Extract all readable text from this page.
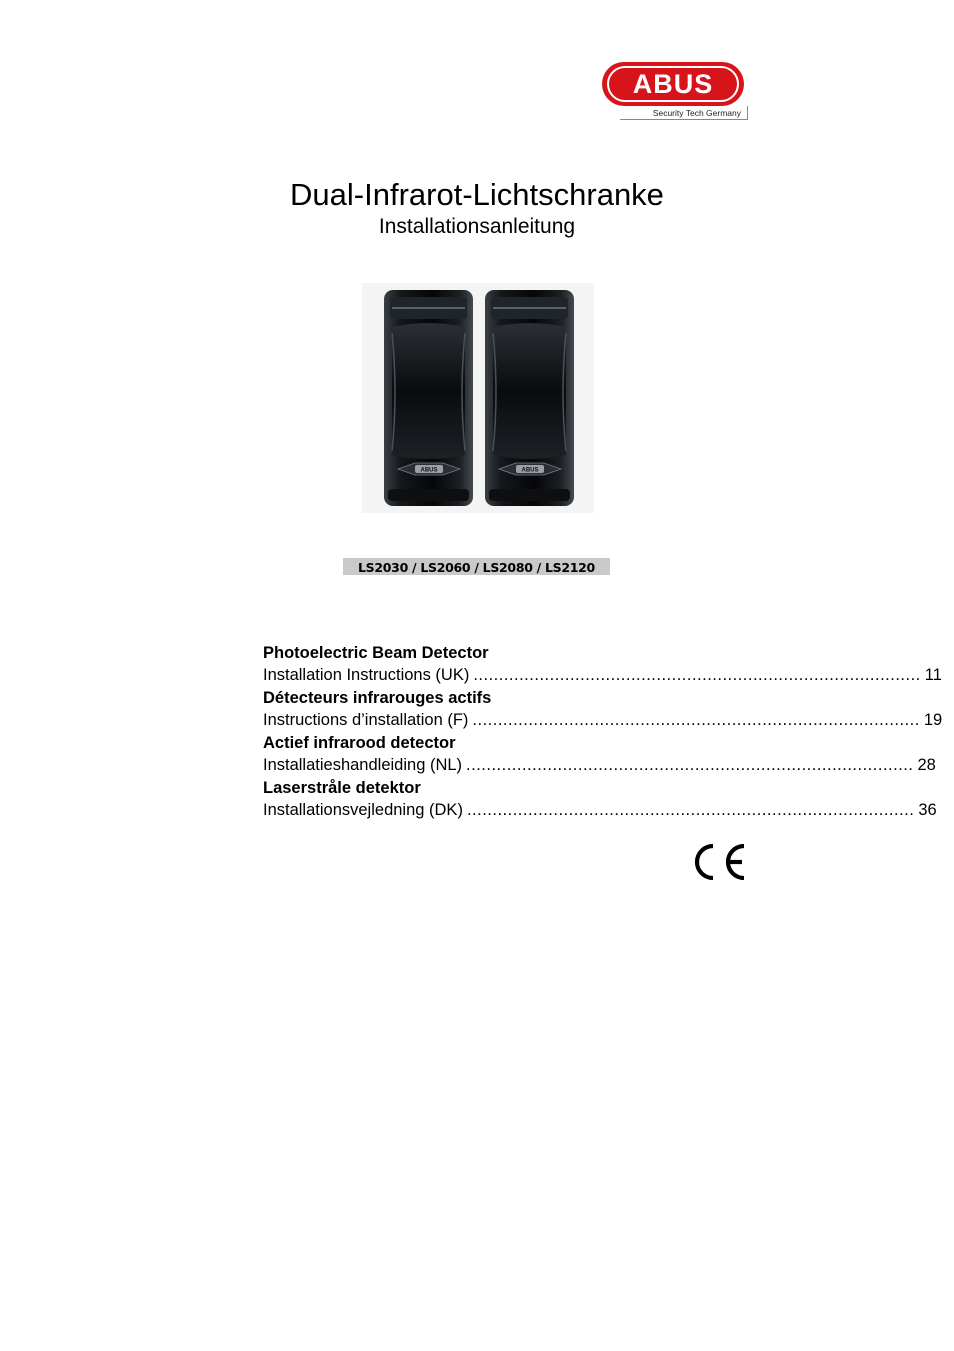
ABUS
Security Tech Germany
Dual-Infrarot-Lichtschranke
Installationsanleitung
ABUS	ABUS
LS2030 / LS2060 / LS2080 / LS2120
Photoelectric Beam Detector
Installation Instructions (UK) ........................................................................................ 11
Détecteurs infrarouges actifs
Instructions d’installation (F) ........................................................................................ 19
Actief infrarood detector
Installatieshandleiding (NL) ........................................................................................ 28
Laserstråle detektor
Installationsvejledning (DK) ........................................................................................ 36
